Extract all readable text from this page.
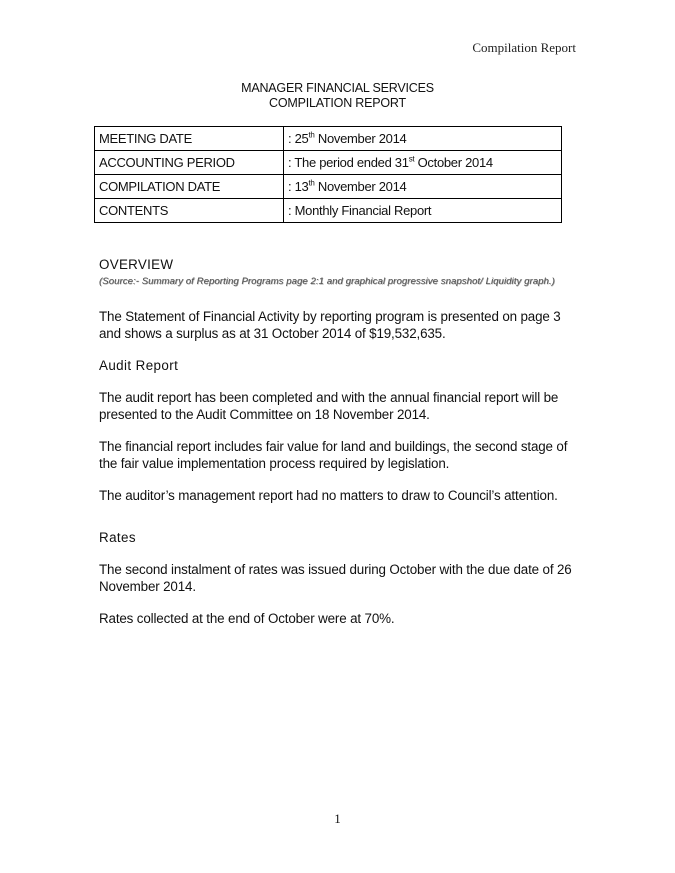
Compilation Report
MANAGER FINANCIAL SERVICES
COMPILATION REPORT
MEETING DATE	: 25th November 2014
ACCOUNTING PERIOD	: The period ended 31st October 2014
COMPILATION DATE	: 13th November 2014
CONTENTS	: Monthly Financial Report
OVERVIEW
(Source:- Summary of Reporting Programs page 2:1 and graphical progressive snapshot/ Liquidity graph.)

The Statement of Financial Activity by reporting program is presented on page 3 and shows a surplus as at 31 October 2014 of $19,532,635.

Audit Report

The audit report has been completed and with the annual financial report will be presented to the Audit Committee on 18 November 2014.

The financial report includes fair value for land and buildings, the second stage of the fair value implementation process required by legislation.

The auditor’s management report had no matters to draw to Council’s attention.

Rates

The second instalment of rates was issued during October with the due date of 26 November 2014.

Rates collected at the end of October were at 70%.

1
